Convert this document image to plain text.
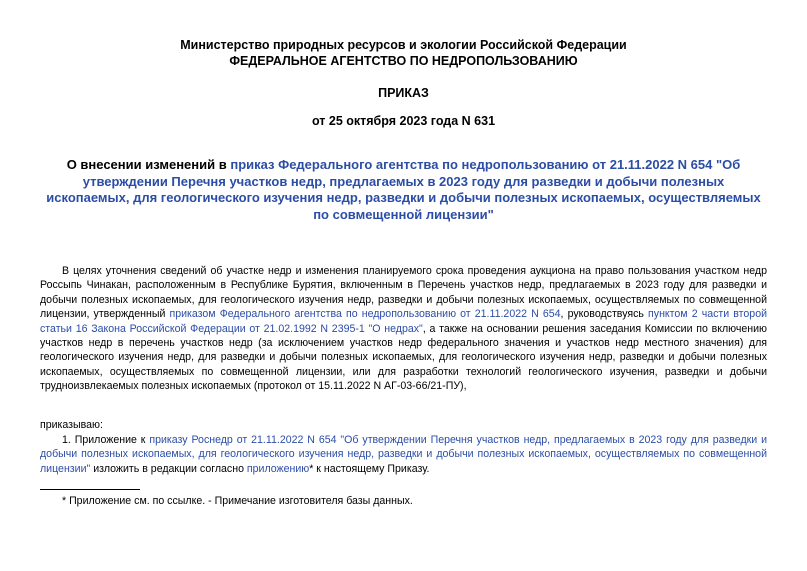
Министерство природных ресурсов и экологии Российской Федерации
ФЕДЕРАЛЬНОЕ АГЕНТСТВО ПО НЕДРОПОЛЬЗОВАНИЮ
ПРИКАЗ
от 25 октября 2023 года N 631
О внесении изменений в приказ Федерального агентства по недропользованию от 21.11.2022 N 654 "Об утверждении Перечня участков недр, предлагаемых в 2023 году для разведки и добычи полезных ископаемых, для геологического изучения недр, разведки и добычи полезных ископаемых, осуществляемых по совмещенной лицензии"
В целях уточнения сведений об участке недр и изменения планируемого срока проведения аукциона на право пользования участком недр Россыпь Чинакан, расположенным в Республике Бурятия, включенным в Перечень участков недр, предлагаемых в 2023 году для разведки и добычи полезных ископаемых, для геологического изучения недр, разведки и добычи полезных ископаемых, осуществляемых по совмещенной лицензии, утвержденный приказом Федерального агентства по недропользованию от 21.11.2022 N 654, руководствуясь пунктом 2 части второй статьи 16 Закона Российской Федерации от 21.02.1992 N 2395-1 "О недрах", а также на основании решения заседания Комиссии по включению участков недр в перечень участков недр (за исключением участков недр федерального значения и участков недр местного значения) для геологического изучения недр, для разведки и добычи полезных ископаемых, для геологического изучения недр, разведки и добычи полезных ископаемых, осуществляемых по совмещенной лицензии, или для разработки технологий геологического изучения, разведки и добычи трудноизвлекаемых полезных ископаемых (протокол от 15.11.2022 N АГ-03-66/21-ПУ),
приказываю:
1. Приложение к приказу Роснедр от 21.11.2022 N 654 "Об утверждении Перечня участков недр, предлагаемых в 2023 году для разведки и добычи полезных ископаемых, для геологического изучения недр, разведки и добычи полезных ископаемых, осуществляемых по совмещенной лицензии" изложить в редакции согласно приложению* к настоящему Приказу.
* Приложение см. по ссылке. - Примечание изготовителя базы данных.
